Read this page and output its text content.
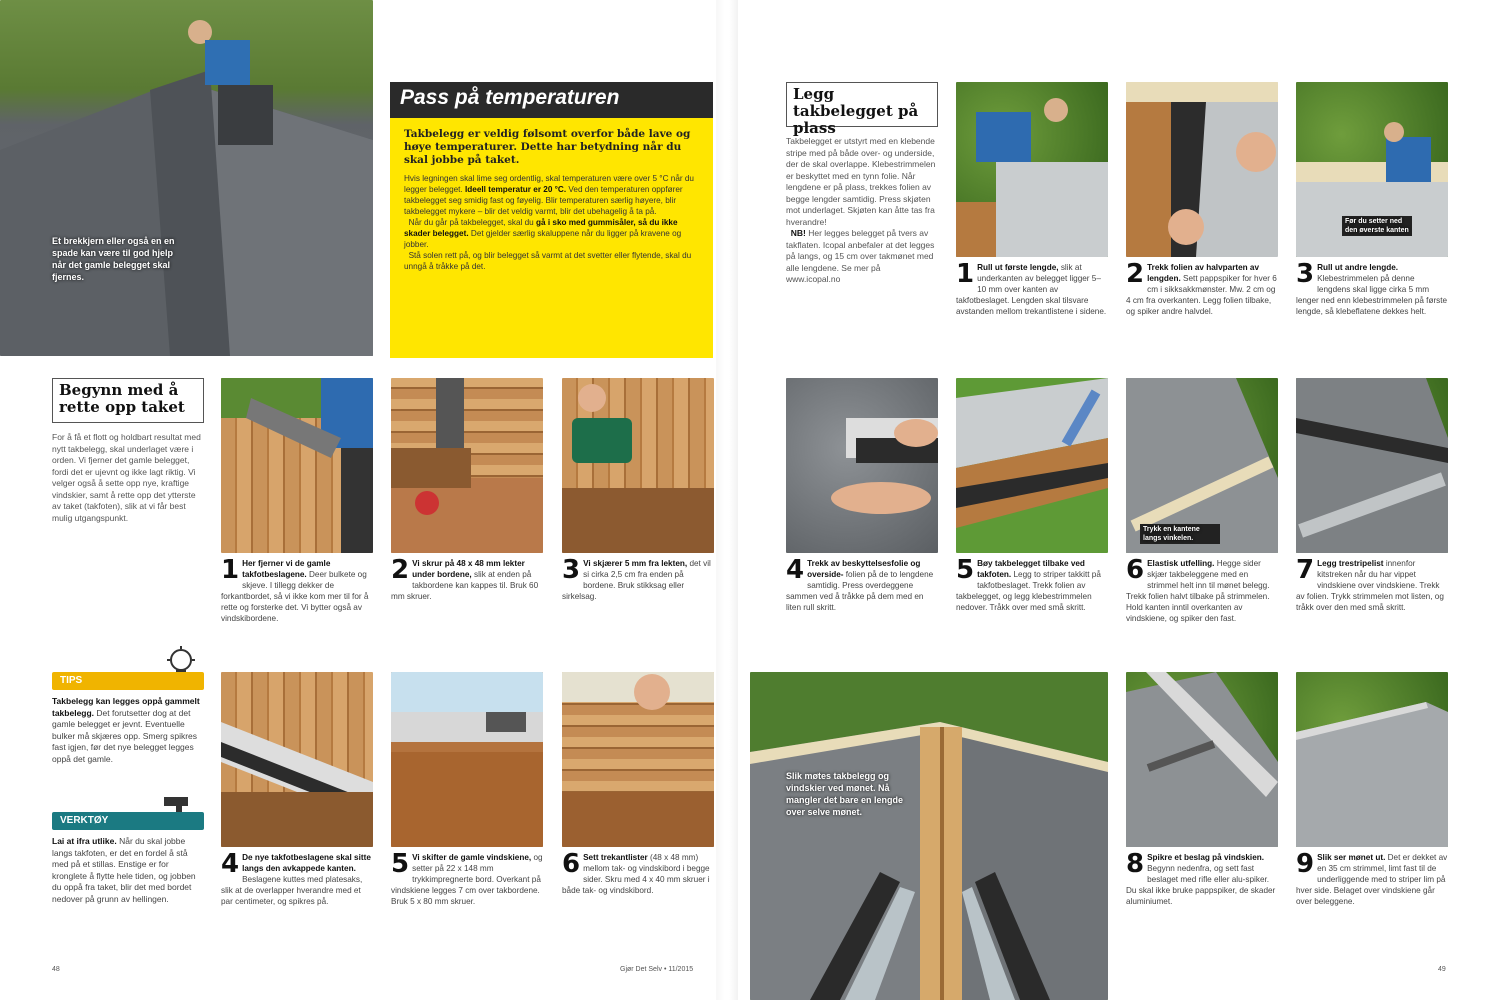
Et brekkjern eller også en en spade kan være til god hjelp når det gamle belegget skal fjernes.
Pass på temperaturen
Takbelegg er veldig følsomt overfor både lave og høye temperaturer. Dette har betydning når du skal jobbe på taket.
Hvis legningen skal lime seg ordentlig, skal temperaturen være over 5 °C når du legger belegget. Ideell temperatur er 20 °C. Ved den temperaturen oppfører takbelegget seg smidig fast og føyelig. Blir temperaturen særlig høyere, blir takbelegget mykere – blir det veldig varmt, blir det ubehagelig å ta på.
Når du går på takbelegget, skal du gå i sko med gummisåler, så du ikke skader belegget. Det gjelder særlig skaluppene når du ligger på kravene og jobber.
Stå solen rett på, og blir belegget så varmt at det svetter eller flytende, skal du unngå å tråkke på det.
Begynn med å rette opp taket
For å få et flott og holdbart resultat med nytt takbelegg, skal underlaget være i orden. Vi fjerner det gamle belegget, fordi det er ujevnt og ikke lagt riktig. Vi velger også å sette opp nye, kraftige vindskier, samt å rette opp det ytterste av taket (takfoten), slik at vi får best mulig utgangspunkt.
1 Her fjerner vi de gamle takfotbeslagene. Deer bulkete og skjeve. I tillegg dekker de forkantbordet, så vi ikke kom mer til for å rette og forsterke det. Vi bytter også av vindskibordene.
2 Vi skrur på 48 x 48 mm lekter under bordene, slik at enden på takbordene kan kappes til. Bruk 60 mm skruer.
3 Vi skjærer 5 mm fra lekten, det vil si cirka 2,5 cm fra enden på bordene. Bruk stikksag eller sirkelsag.
TIPS
Takbelegg kan legges oppå gammelt takbelegg. Det forutsetter dog at det gamle belegget er jevnt. Eventuelle bulker må skjæres opp. Smerg spikres fast igjen, før det nye belegget legges oppå det gamle.
VERKTØY
Lai at ifra utlike. Når du skal jobbe langs takfoten, er det en fordel å stå med på et stillas. Enstige er for kronglete å flytte hele tiden, og jobben du oppå fra taket, blir det med bordet nedover på grunn av hellingen.
4 De nye takfotbeslagene skal sitte langs den avkappede kanten. Beslagene kuttes med platesaks, slik at de overlapper hverandre med et par centimeter, og spikres på.
5 Vi skifter de gamle vindskiene, og setter på 22 x 148 mm trykkimpregnerte bord. Overkant på vindskiene legges 7 cm over takbordene. Bruk 5 x 80 mm skruer.
6 Sett trekantlister (48 x 48 mm) mellom tak- og vindskibord i begge sider. Skru med 4 x 40 mm skruer i både tak- og vindskibord.
48	Gjør Det Selv • 11/2015
Legg takbelegget på plass
Takbelegget er utstyrt med en klebende stripe med på både over- og underside, der de skal overlappe. Klebestrimmelen er beskyttet med en tynn folie. Når lengdene er på plass, trekkes folien av begge lengder samtidig. Press skjøten mot underlaget. Skjøten kan åtte tas fra hverandre!
NB! Her legges belegget på tvers av takflaten. Icopal anbefaler at det legges på langs, og 15 cm over takmønet med alle lengdene. Se mer på www.icopal.no
Før du setter ned den øverste kanten
1 Rull ut første lengde, slik at underkanten av belegget ligger 5–10 mm over kanten av takfotbeslaget. Lengden skal tilsvare avstanden mellom trekantlistene i sidene.
2 Trekk folien av halvparten av lengden. Sett pappspiker for hver 6 cm i sikksakkmønster. Mw. 2 cm og 4 cm fra overkanten. Legg folien tilbake, og spiker andre halvdel.
3 Rull ut andre lengde. Klebestrimmelen på denne lengdens skal ligge cirka 5 mm lenger ned enn klebestrimmelen på første lengde, så klebeflatene dekkes helt.
Trykk en kantene langs vinkelen.
4 Trekk av beskyttelsesfolie og overside- folien på de to lengdene samtidig. Press overdeggene sammen ved å tråkke på dem med en liten rull skritt.
5 Bøy takbelegget tilbake ved takfoten. Legg to striper takkitt på takfotbeslaget. Trekk folien av takbelegget, og legg klebestrimmelen nedover. Tråkk over med små skritt.
6 Elastisk utfelling. Hegge sider skjær takbeleggene med en strimmel helt inn til mønet belegg. Trekk folien halvt tilbake på strimmelen. Hold kanten inntil overkanten av vindskiene, og spiker den fast.
7 Legg trestripelist innenfor kitstreken når du har vippet vindskiene over vindskiene. Trekk av folien. Trykk strimmelen mot listen, og tråkk over den med små skritt.
Slik møtes takbelegg og vindskier ved mønet. Nå mangler det bare en lengde over selve mønet.
8 Spikre et beslag på vindskien. Begynn nedenfra, og sett fast beslaget med rifle eller alu-spiker. Du skal ikke bruke pappspiker, de skader aluminiumet.
9 Slik ser mønet ut. Det er dekket av en 35 cm strimmel, limt fast til de underliggende med to striper lim på hver side. Belaget over vindskiene går over beleggene.
49
